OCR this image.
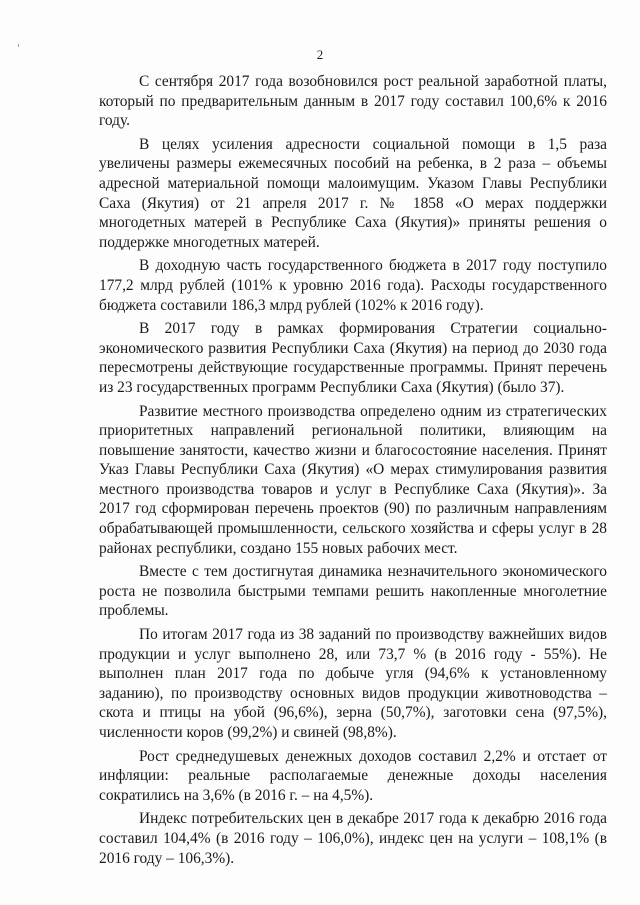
2

С сентября 2017 года возобновился рост реальной заработной платы, который по предварительным данным в 2017 году составил 100,6% к 2016 году.

В целях усиления адресности социальной помощи в 1,5 раза увеличены размеры ежемесячных пособий на ребенка, в 2 раза – объемы адресной материальной помощи малоимущим. Указом Главы Республики Саха (Якутия) от 21 апреля 2017 г. № 1858 «О мерах поддержки многодетных матерей в Республике Саха (Якутия)» приняты решения о поддержке многодетных матерей.

В доходную часть государственного бюджета в 2017 году поступило 177,2 млрд рублей (101% к уровню 2016 года). Расходы государственного бюджета составили 186,3 млрд рублей (102% к 2016 году).

В 2017 году в рамках формирования Стратегии социально-экономического развития Республики Саха (Якутия) на период до 2030 года пересмотрены действующие государственные программы. Принят перечень из 23 государственных программ Республики Саха (Якутия) (было 37).

Развитие местного производства определено одним из стратегических приоритетных направлений региональной политики, влияющим на повышение занятости, качество жизни и благосостояние населения. Принят Указ Главы Республики Саха (Якутия) «О мерах стимулирования развития местного производства товаров и услуг в Республике Саха (Якутия)». За 2017 год сформирован перечень проектов (90) по различным направлениям обрабатывающей промышленности, сельского хозяйства и сферы услуг в 28 районах республики, создано 155 новых рабочих мест.

Вместе с тем достигнутая динамика незначительного экономического роста не позволила быстрыми темпами решить накопленные многолетние проблемы.

По итогам 2017 года из 38 заданий по производству важнейших видов продукции и услуг выполнено 28, или 73,7 % (в 2016 году - 55%). Не выполнен план 2017 года по добыче угля (94,6% к установленному заданию), по производству основных видов продукции животноводства – скота и птицы на убой (96,6%), зерна (50,7%), заготовки сена (97,5%), численности коров (99,2%) и свиней (98,8%).

Рост среднедушевых денежных доходов составил 2,2% и отстает от инфляции: реальные располагаемые денежные доходы населения сократились на 3,6% (в 2016 г. – на 4,5%).

Индекс потребительских цен в декабре 2017 года к декабрю 2016 года составил 104,4% (в 2016 году – 106,0%), индекс цен на услуги – 108,1% (в 2016 году – 106,3%).
